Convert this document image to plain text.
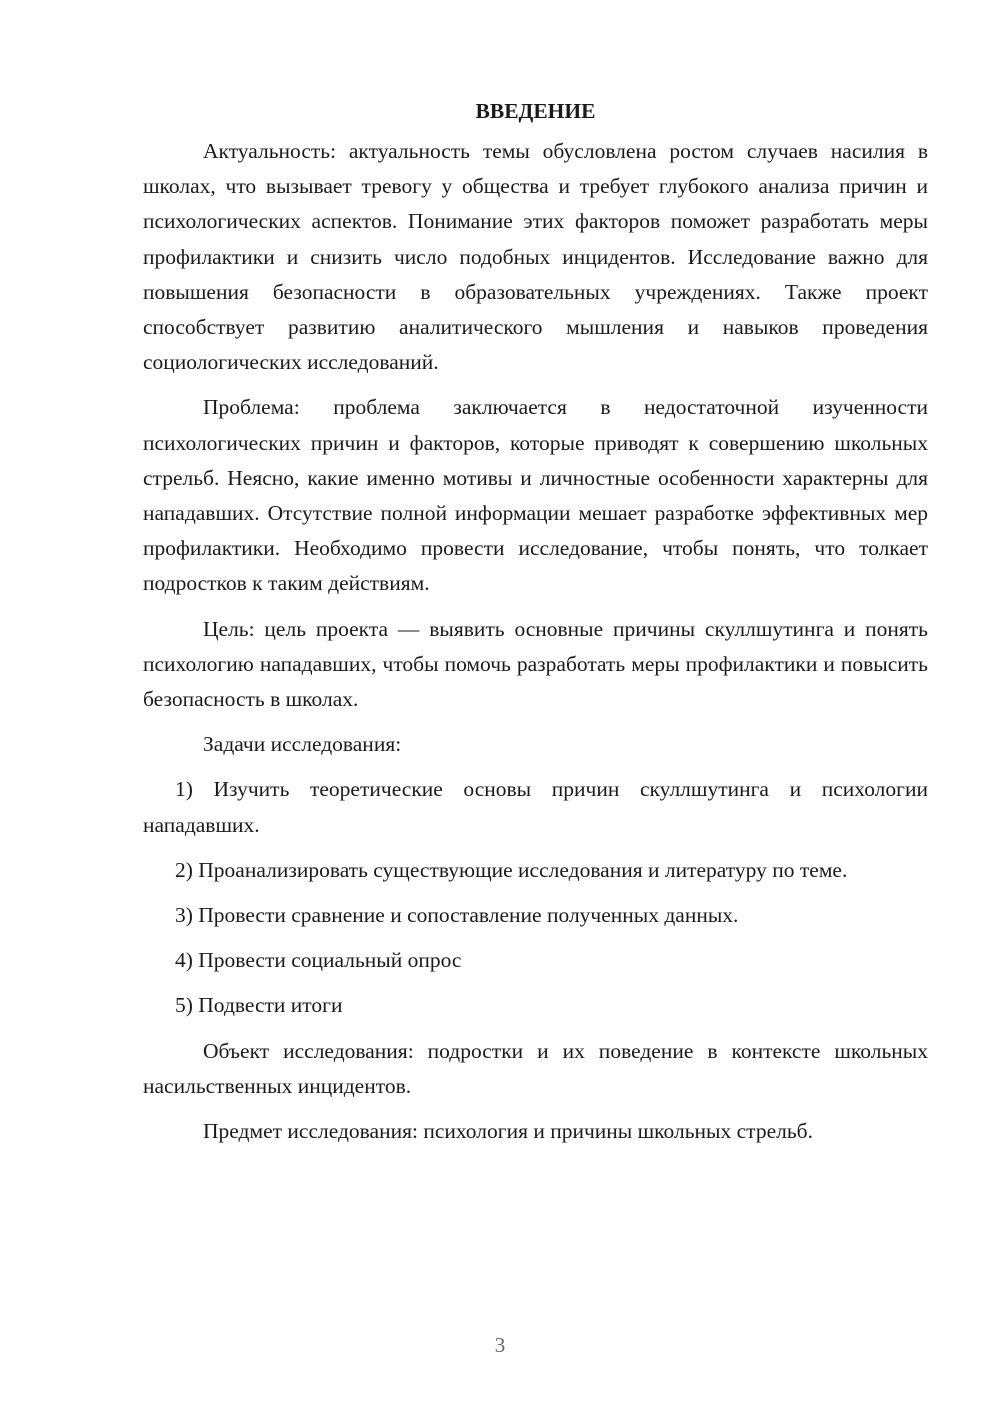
ВВЕДЕНИЕ

Актуальность: актуальность темы обусловлена ростом случаев насилия в школах, что вызывает тревогу у общества и требует глубокого анализа причин и психологических аспектов. Понимание этих факторов поможет разработать меры профилактики и снизить число подобных инцидентов. Исследование важно для повышения безопасности в образовательных учреждениях. Также проект способствует развитию аналитического мышления и навыков проведения социологических исследований.

Проблема: проблема заключается в недостаточной изученности психологических причин и факторов, которые приводят к совершению школьных стрельб. Неясно, какие именно мотивы и личностные особенности характерны для нападавших. Отсутствие полной информации мешает разработке эффективных мер профилактики. Необходимо провести исследование, чтобы понять, что толкает подростков к таким действиям.

Цель: цель проекта — выявить основные причины скуллшутинга и понять психологию нападавших, чтобы помочь разработать меры профилактики и повысить безопасность в школах.

Задачи исследования:

1) Изучить теоретические основы причин скуллшутинга и психологии нападавших.

2) Проанализировать существующие исследования и литературу по теме.

3) Провести сравнение и сопоставление полученных данных.

4) Провести социальный опрос

5) Подвести итоги

Объект исследования: подростки и их поведение в контексте школьных насильственных инцидентов.

Предмет исследования: психология и причины школьных стрельб.

3
